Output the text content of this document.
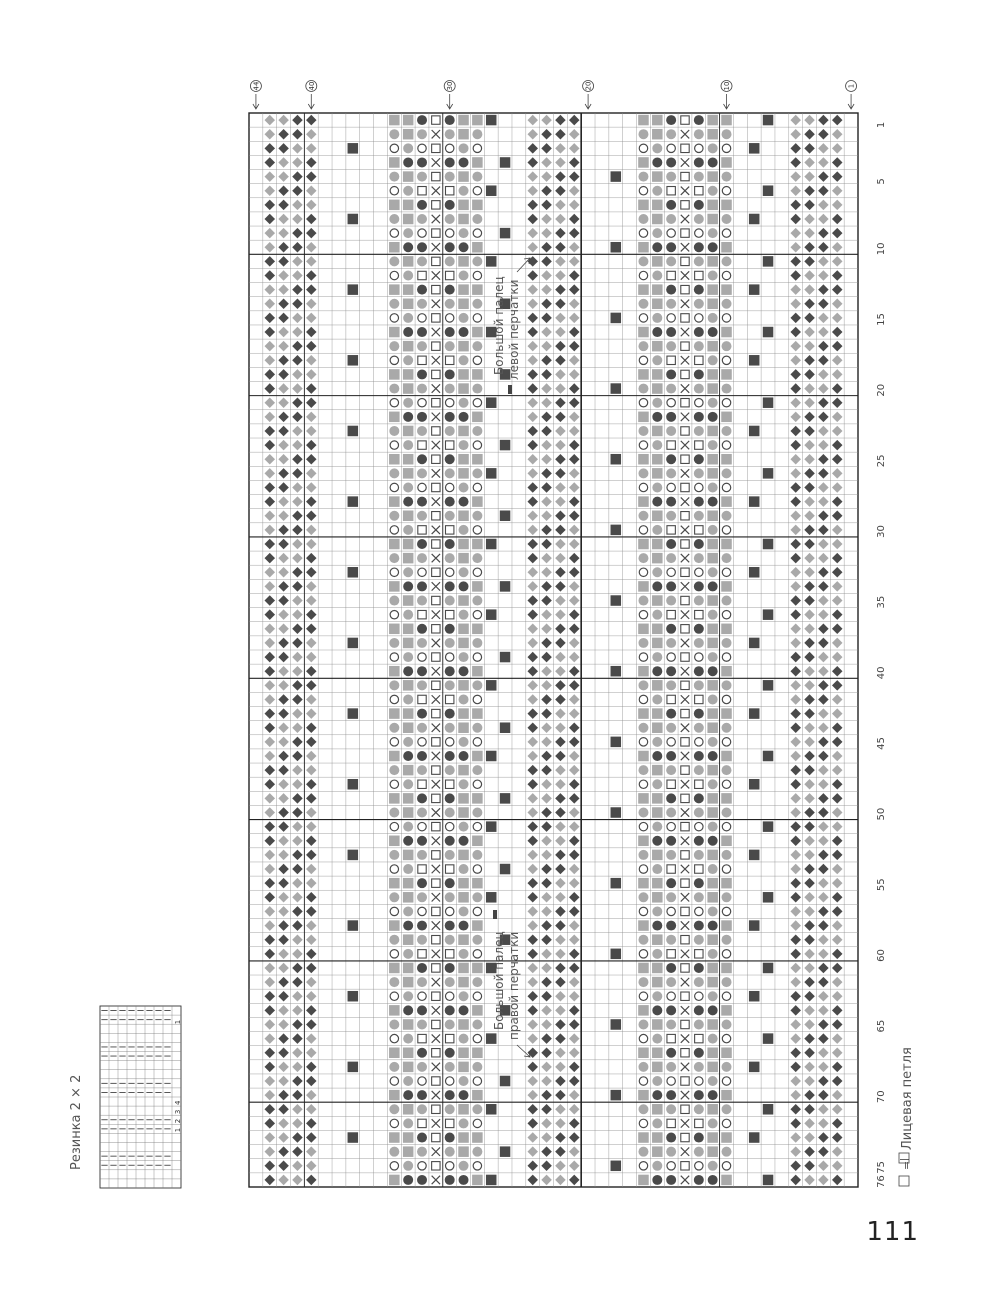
1
5
10
15
20
25
30
35
40
45
50
55
60
65
70
75
76
44	40	30	20	10	1
4
3
2
1
1
|
Резинка 2 × 2
Большой палец левой перчатки
Большой палец правой перчатки
=
Лицевая петля
111
